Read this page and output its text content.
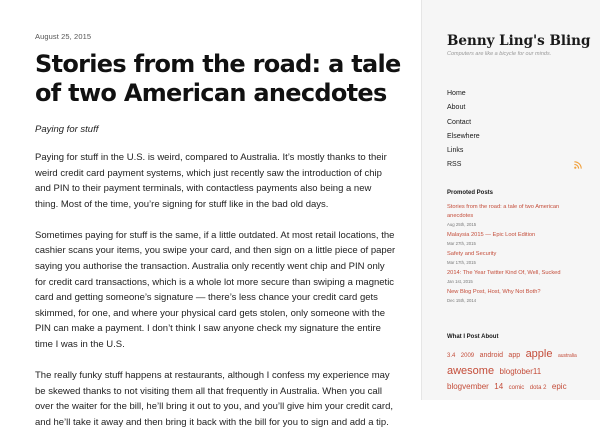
August 25, 2015
Stories from the road: a tale of two American anecdotes
Paying for stuff

Paying for stuff in the U.S. is weird, compared to Australia. It’s mostly thanks to their weird credit card payment systems, which just recently saw the introduction of chip and PIN to their payment terminals, with contactless payments also being a new thing. Most of the time, you’re signing for stuff like in the bad old days.

Sometimes paying for stuff is the same, if a little outdated. At most retail locations, the cashier scans your items, you swipe your card, and then sign on a little piece of paper saying you authorise the transaction. Australia only recently went chip and PIN only for credit card transactions, which is a whole lot more secure than swiping a magnetic card and getting someone’s signature — there’s less chance your credit card gets skimmed, for one, and where your physical card gets stolen, only someone with the PIN can make a payment. I don’t think I saw anyone check my signature the entire time I was in the U.S.

The really funky stuff happens at restaurants, although I confess my experience may be skewed thanks to not visiting them all that frequently in Australia. When you call over the waiter for the bill, he’ll bring it out to you, and you’ll give him your credit card, and he’ll take it away and then bring it back with the bill for you to sign and add a tip.

Benny Ling's Bling
Computers are like a bicycle for our minds.
Home
About
Contact
Elsewhere
Links
RSS
Promoted Posts
Stories from the road: a tale of two American anecdotes
Aug 25th, 2015
Malaysia 2015 — Epic Loot Edition
Mar 27th, 2015
Safety and Security
Mar 17th, 2015
2014: The Year Twitter Kind Of, Well, Sucked
Jan 1st, 2015
New Blog Post, Host, Why Not Both?
Dec 15th, 2014
What I Post About
3.4 2009 android app apple australia awesome blogtober11 blogvember 14 comic dota 2 epic
